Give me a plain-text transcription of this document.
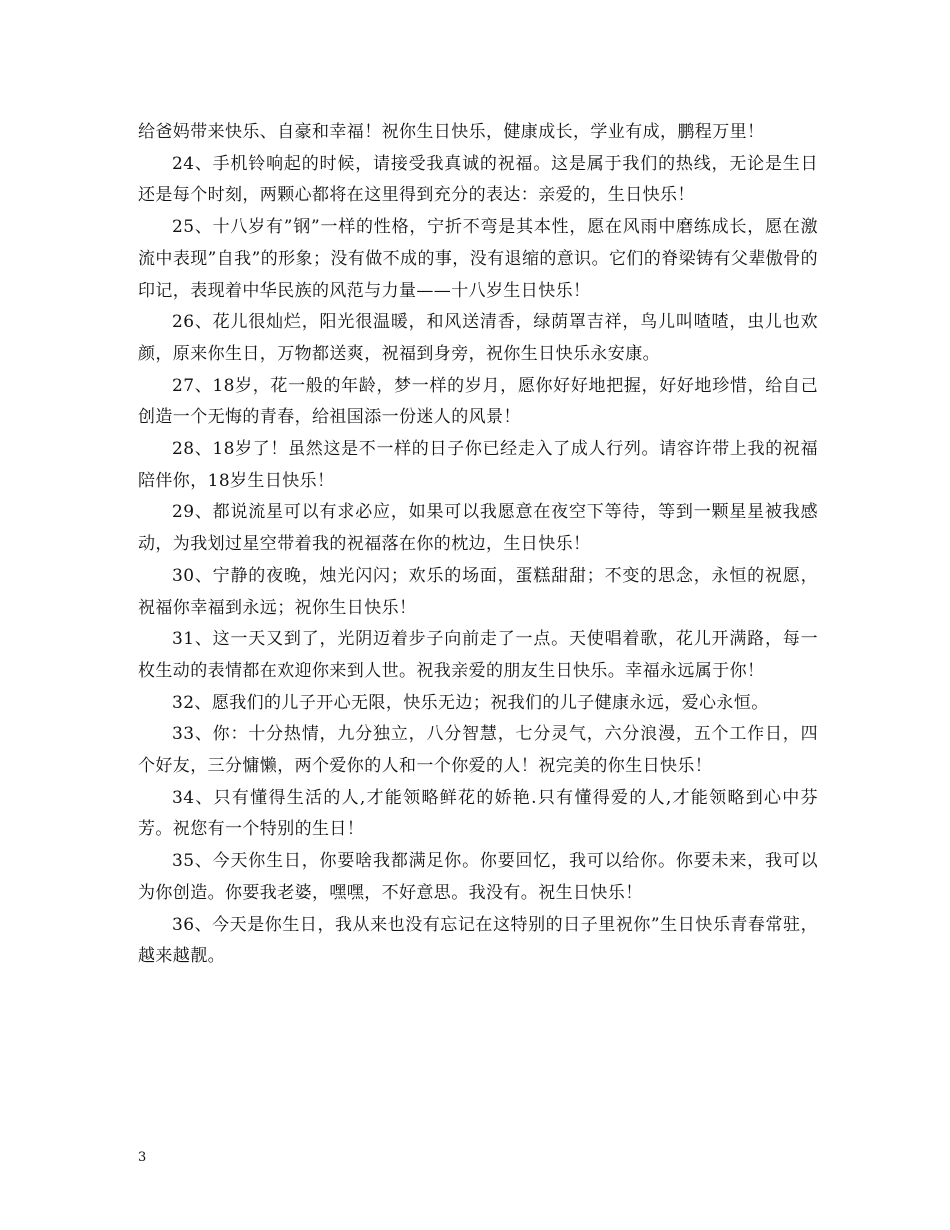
给爸妈带来快乐、自豪和幸福！祝你生日快乐，健康成长，学业有成，鹏程万里！

24、手机铃响起的时候，请接受我真诚的祝福。这是属于我们的热线，无论是生日还是每个时刻，两颗心都将在这里得到充分的表达：亲爱的，生日快乐！

25、十八岁有”钢”一样的性格，宁折不弯是其本性，愿在风雨中磨练成长，愿在激流中表现”自我”的形象；没有做不成的事，没有退缩的意识。它们的脊梁铸有父辈傲骨的印记，表现着中华民族的风范与力量——十八岁生日快乐！

26、花儿很灿烂，阳光很温暖，和风送清香，绿荫罩吉祥，鸟儿叫喳喳，虫儿也欢颜，原来你生日，万物都送爽，祝福到身旁，祝你生日快乐永安康。

27、18岁，花一般的年龄，梦一样的岁月，愿你好好地把握，好好地珍惜，给自己创造一个无悔的青春，给祖国添一份迷人的风景！

28、18岁了！虽然这是不一样的日子你已经走入了成人行列。请容许带上我的祝福陪伴你，18岁生日快乐！

29、都说流星可以有求必应，如果可以我愿意在夜空下等待，等到一颗星星被我感动，为我划过星空带着我的祝福落在你的枕边，生日快乐！

30、宁静的夜晚，烛光闪闪；欢乐的场面，蛋糕甜甜；不变的思念，永恒的祝愿，祝福你幸福到永远；祝你生日快乐！

31、这一天又到了，光阴迈着步子向前走了一点。天使唱着歌，花儿开满路，每一枚生动的表情都在欢迎你来到人世。祝我亲爱的朋友生日快乐。幸福永远属于你！

32、愿我们的儿子开心无限，快乐无边；祝我们的儿子健康永远，爱心永恒。

33、你：十分热情，九分独立，八分智慧，七分灵气，六分浪漫，五个工作日，四个好友，三分慵懒，两个爱你的人和一个你爱的人！祝完美的你生日快乐！

34、只有懂得生活的人,才能领略鲜花的娇艳.只有懂得爱的人,才能领略到心中芬芳。祝您有一个特别的生日！

35、今天你生日，你要啥我都满足你。你要回忆，我可以给你。你要未来，我可以为你创造。你要我老婆，嘿嘿，不好意思。我没有。祝生日快乐！

36、今天是你生日，我从来也没有忘记在这特别的日子里祝你”生日快乐青春常驻，越来越靓。

3
